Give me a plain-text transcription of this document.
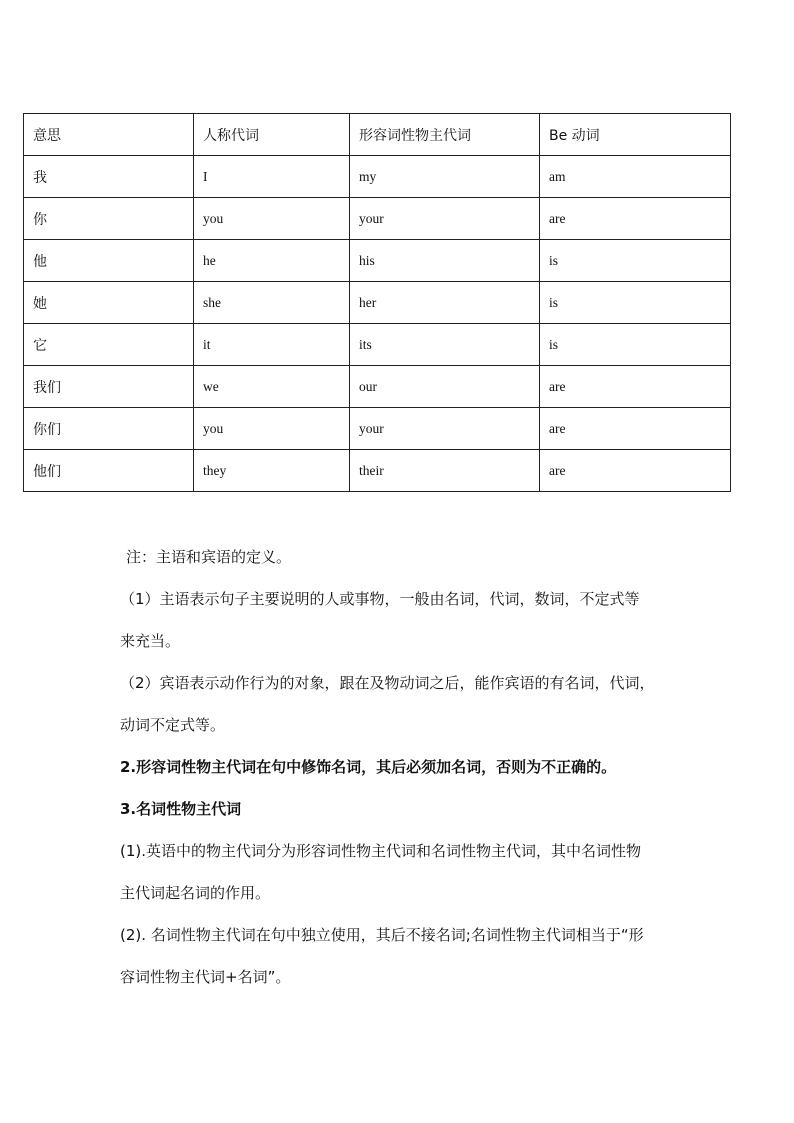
意思	人称代词	形容词性物主代词	Be 动词
我	I	my	am
你	you	your	are
他	he	his	is
她	she	her	is
它	it	its	is
我们	we	our	are
你们	you	your	are
他们	they	their	are

注：主语和宾语的定义。

（1）主语表示句子主要说明的人或事物，一般由名词，代词，数词，不定式等

来充当。

（2）宾语表示动作行为的对象，跟在及物动词之后，能作宾语的有名词，代词，

动词不定式等。

2.形容词性物主代词在句中修饰名词，其后必须加名词，否则为不正确的。

3.名词性物主代词

(1).英语中的物主代词分为形容词性物主代词和名词性物主代词，其中名词性物

主代词起名词的作用。

(2). 名词性物主代词在句中独立使用，其后不接名词;名词性物主代词相当于“形

容词性物主代词+名词”。
